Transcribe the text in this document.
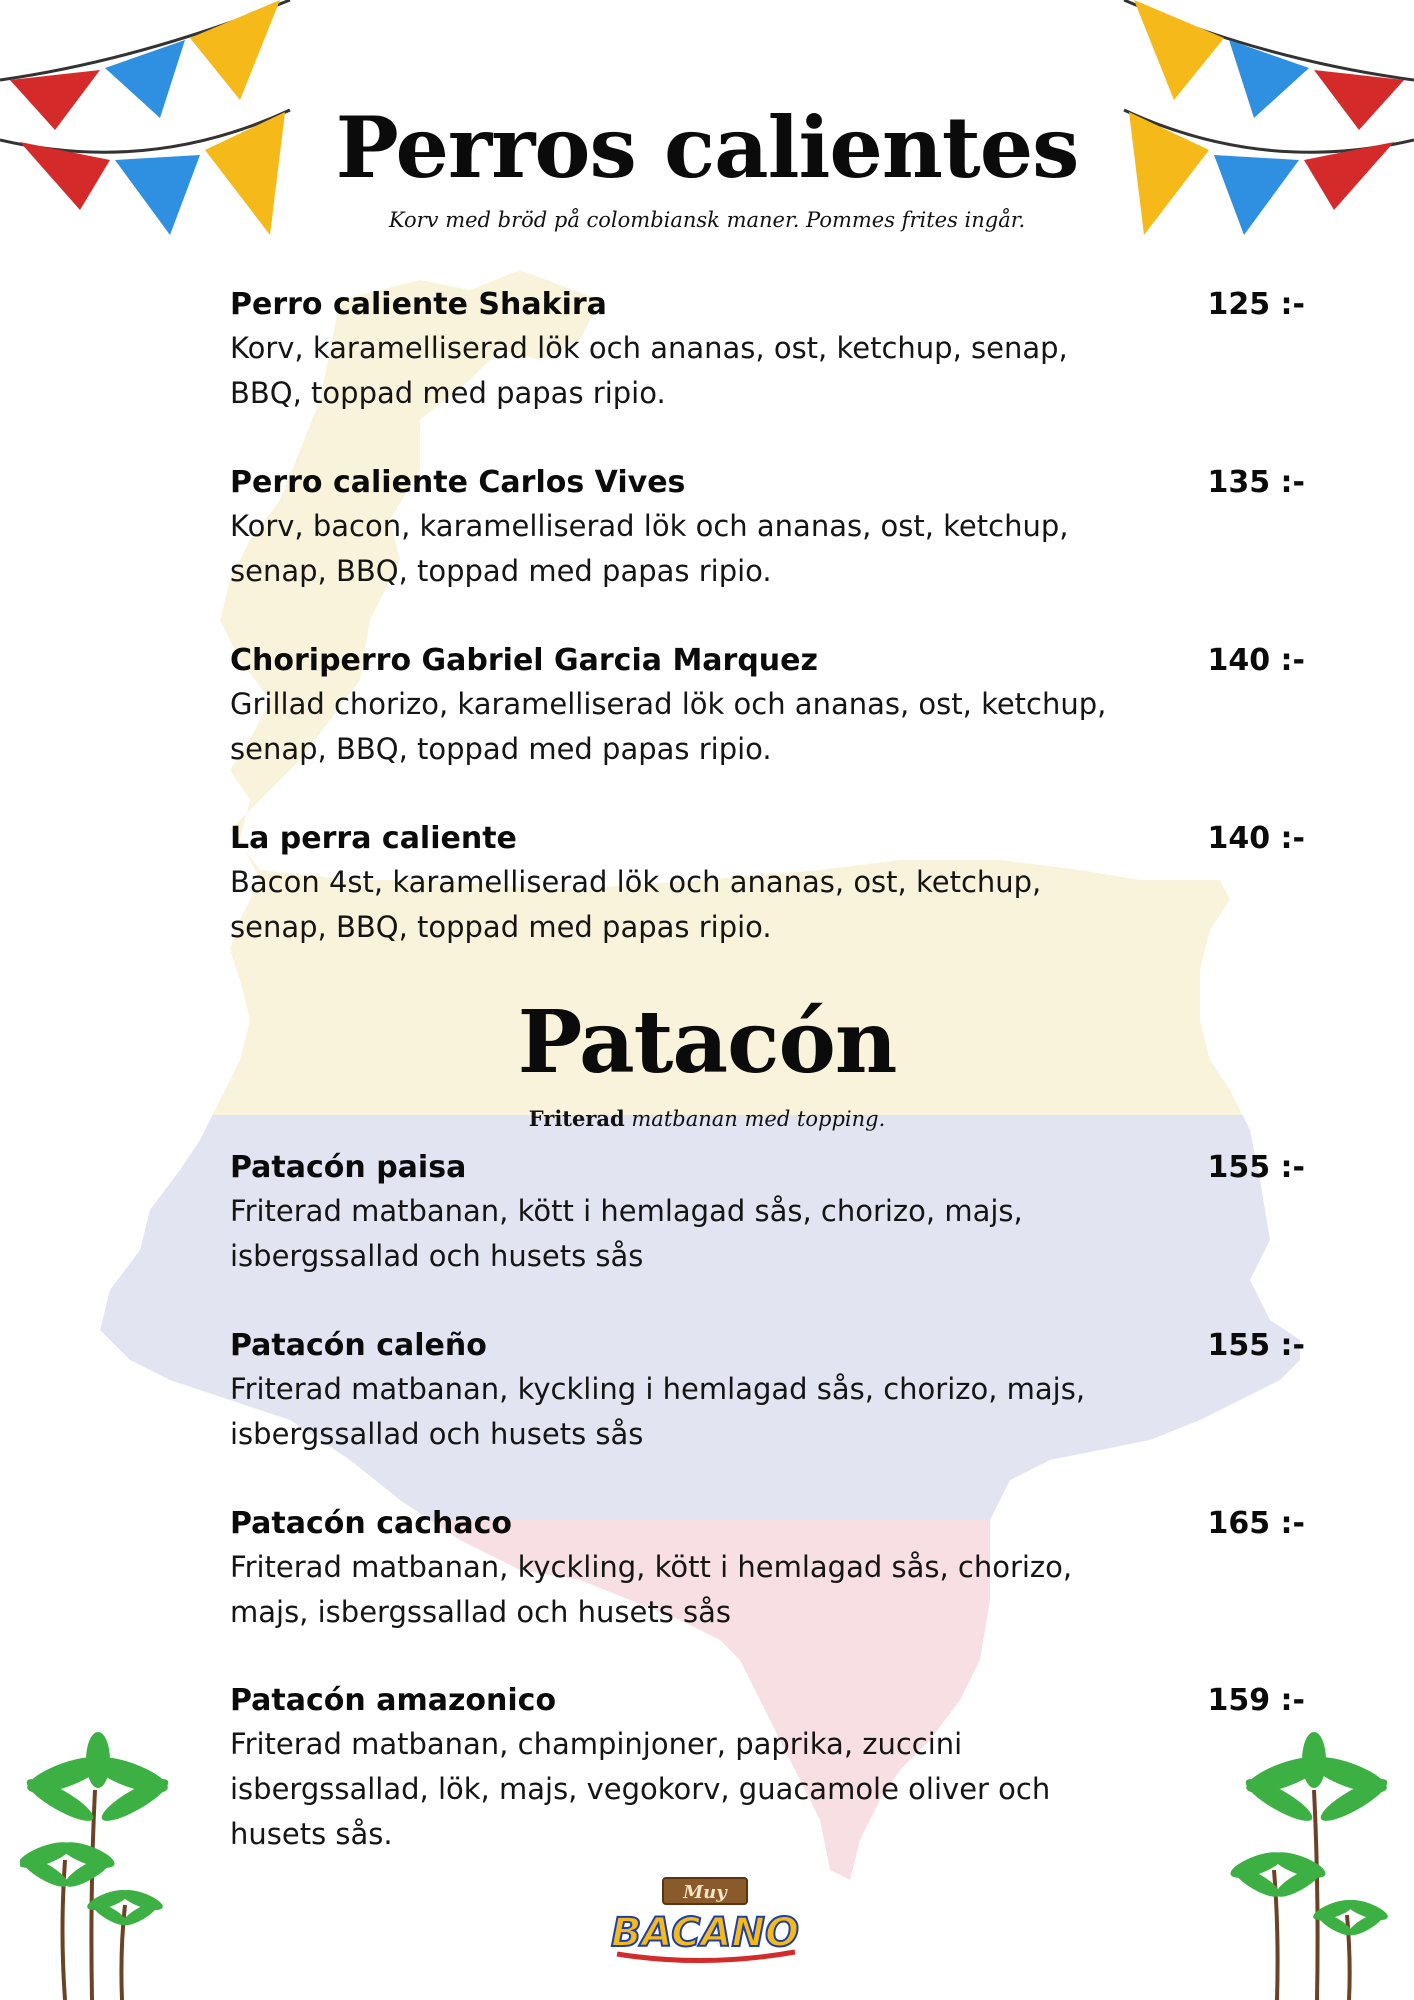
Perros calientes
Korv med bröd på colombiansk maner. Pommes frites ingår.
Perro caliente Shakira	125 :-
Korv, karamelliserad lök och ananas, ost, ketchup, senap,
BBQ, toppad med papas ripio.
Perro caliente Carlos Vives	135 :-
Korv, bacon, karamelliserad lök och ananas, ost, ketchup,
senap, BBQ, toppad med papas ripio.
Choriperro Gabriel Garcia Marquez	140 :-
Grillad chorizo, karamelliserad lök och ananas, ost, ketchup,
senap, BBQ, toppad med papas ripio.
La perra caliente	140 :-
Bacon 4st, karamelliserad lök och ananas, ost, ketchup,
senap, BBQ, toppad med papas ripio.
Patacón
Friterad matbanan med topping.
Patacón paisa	155 :-
Friterad matbanan, kött i hemlagad sås, chorizo, majs,
isbergssallad och husets sås
Patacón caleño	155 :-
Friterad matbanan, kyckling i hemlagad sås, chorizo, majs,
isbergssallad och husets sås
Patacón cachaco	165 :-
Friterad matbanan, kyckling, kött i hemlagad sås, chorizo,
majs, isbergssallad och husets sås
Patacón amazonico	159 :-
Friterad matbanan, champinjoner, paprika, zuccini
isbergssallad, lök, majs, vegokorv, guacamole oliver och
husets sås.
Muy
BACANO
